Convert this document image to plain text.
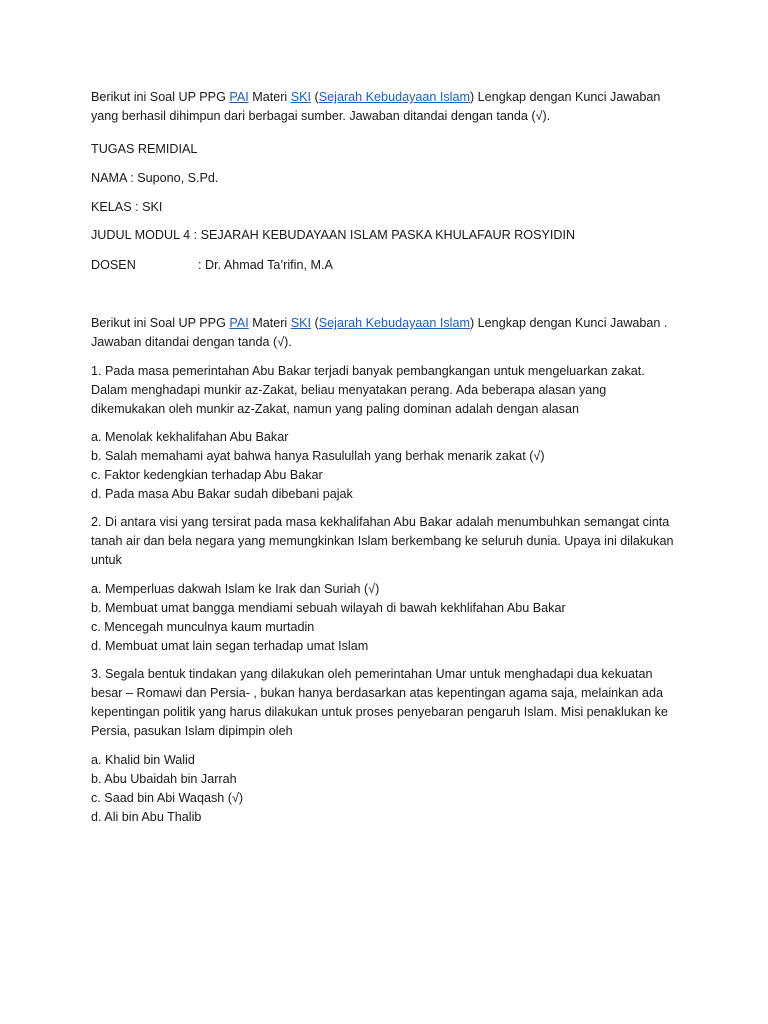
Berikut ini Soal UP PPG PAI Materi SKI (Sejarah Kebudayaan Islam) Lengkap dengan Kunci Jawaban yang berhasil dihimpun dari berbagai sumber. Jawaban ditandai dengan tanda (√).

TUGAS REMIDIAL
NAMA : Supono, S.Pd.
KELAS : SKI
JUDUL MODUL 4 : SEJARAH KEBUDAYAAN ISLAM PASKA KHULAFAUR ROSYIDIN
DOSEN	: Dr. Ahmad Ta’rifin, M.A

Berikut ini Soal UP PPG PAI Materi SKI (Sejarah Kebudayaan Islam) Lengkap dengan Kunci Jawaban . Jawaban ditandai dengan tanda (√).

1. Pada masa pemerintahan Abu Bakar terjadi banyak pembangkangan untuk mengeluarkan zakat. Dalam menghadapi munkir az-Zakat, beliau menyatakan perang. Ada beberapa alasan yang dikemukakan oleh munkir az-Zakat, namun yang paling dominan adalah dengan alasan

a. Menolak kekhalifahan Abu Bakar
b. Salah memahami ayat bahwa hanya Rasulullah yang berhak menarik zakat (√)
c. Faktor kedengkian terhadap Abu Bakar
d. Pada masa Abu Bakar sudah dibebani pajak

2. Di antara visi yang tersirat pada masa kekhalifahan Abu Bakar adalah menumbuhkan semangat cinta tanah air dan bela negara yang memungkinkan Islam berkembang ke seluruh dunia. Upaya ini dilakukan untuk

a. Memperluas dakwah Islam ke Irak dan Suriah (√)
b. Membuat umat bangga mendiami sebuah wilayah di bawah kekhlifahan Abu Bakar
c. Mencegah munculnya kaum murtadin
d. Membuat umat lain segan terhadap umat Islam

3. Segala bentuk tindakan yang dilakukan oleh pemerintahan Umar untuk menghadapi dua kekuatan besar – Romawi dan Persia- , bukan hanya berdasarkan atas kepentingan agama saja, melainkan ada kepentingan politik yang harus dilakukan untuk proses penyebaran pengaruh Islam. Misi penaklukan ke Persia, pasukan Islam dipimpin oleh

a. Khalid bin Walid
b. Abu Ubaidah bin Jarrah
c. Saad bin Abi Waqash (√)
d. Ali bin Abu Thalib
